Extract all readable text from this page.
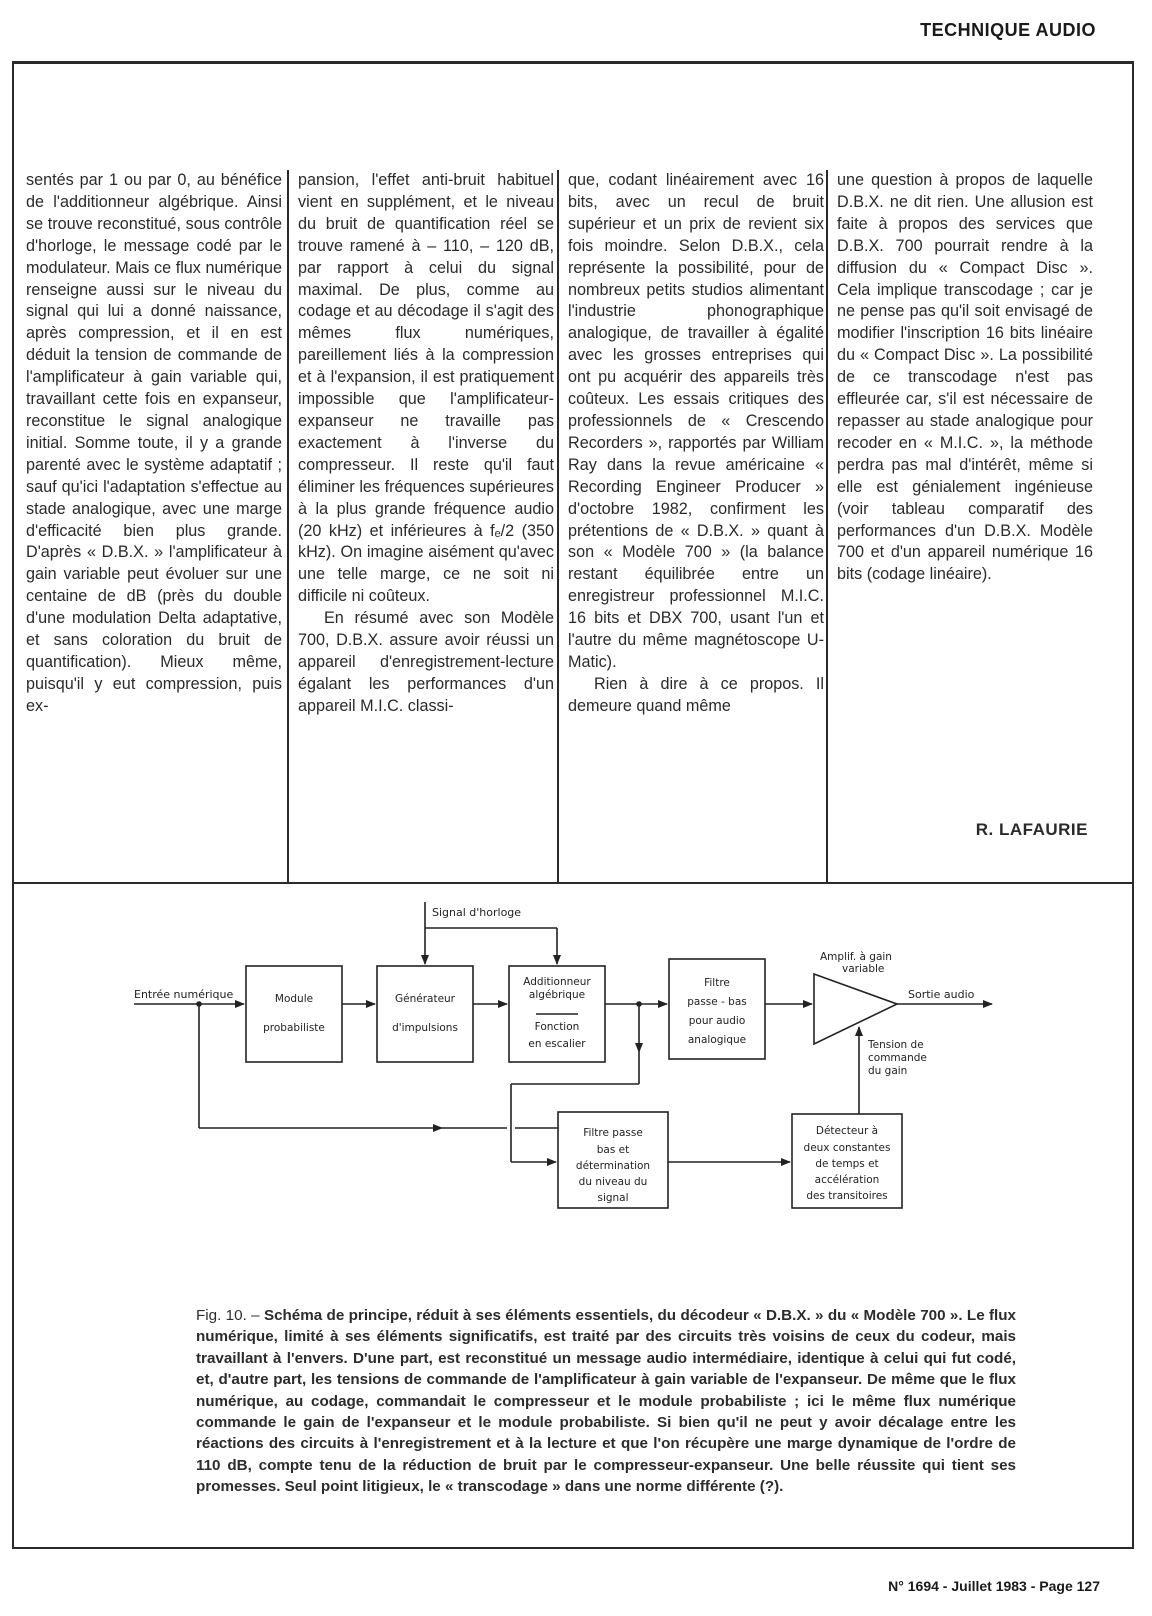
TECHNIQUE AUDIO

sentés par 1 ou par 0, au bénéfice de l'additionneur algébrique. Ainsi se trouve reconstitué, sous contrôle d'horloge, le message codé par le modulateur. Mais ce flux numérique renseigne aussi sur le niveau du signal qui lui a donné naissance, après compression, et il en est déduit la tension de commande de l'amplificateur à gain variable qui, travaillant cette fois en expanseur, reconstitue le signal analogique initial. Somme toute, il y a grande parenté avec le système adaptatif ; sauf qu'ici l'adaptation s'effectue au stade analogique, avec une marge d'efficacité bien plus grande. D'après « D.B.X. » l'amplificateur à gain variable peut évoluer sur une centaine de dB (près du double d'une modulation Delta adaptative, et sans coloration du bruit de quantification). Mieux même, puisqu'il y eut compression, puis ex-

pansion, l'effet anti-bruit habituel vient en supplément, et le niveau du bruit de quantification réel se trouve ramené à – 110, – 120 dB, par rapport à celui du signal maximal. De plus, comme au codage et au décodage il s'agit des mêmes flux numériques, pareillement liés à la compression et à l'expansion, il est pratiquement impossible que l'amplificateur-expanseur ne travaille pas exactement à l'inverse du compresseur. Il reste qu'il faut éliminer les fréquences supérieures à la plus grande fréquence audio (20 kHz) et inférieures à fₑ/2 (350 kHz). On imagine aisément qu'avec une telle marge, ce ne soit ni difficile ni coûteux.

En résumé avec son Modèle 700, D.B.X. assure avoir réussi un appareil d'enregistrement-lecture égalant les performances d'un appareil M.I.C. classi-

que, codant linéairement avec 16 bits, avec un recul de bruit supérieur et un prix de revient six fois moindre. Selon D.B.X., cela représente la possibilité, pour de nombreux petits studios alimentant l'industrie phonographique analogique, de travailler à égalité avec les grosses entreprises qui ont pu acquérir des appareils très coûteux. Les essais critiques des professionnels de « Crescendo Recorders », rapportés par William Ray dans la revue américaine « Recording Engineer Producer » d'octobre 1982, confirment les prétentions de « D.B.X. » quant à son « Modèle 700 » (la balance restant équilibrée entre un enregistreur professionnel M.I.C. 16 bits et DBX 700, usant l'un et l'autre du même magnétoscope U-Matic).

Rien à dire à ce propos. Il demeure quand même

une question à propos de laquelle D.B.X. ne dit rien. Une allusion est faite à propos des services que D.B.X. 700 pourrait rendre à la diffusion du « Compact Disc ». Cela implique transcodage ; car je ne pense pas qu'il soit envisagé de modifier l'inscription 16 bits linéaire du « Compact Disc ». La possibilité de ce transcodage n'est pas effleurée car, s'il est nécessaire de repasser au stade analogique pour recoder en « M.I.C. », la méthode perdra pas mal d'intérêt, même si elle est génialement ingénieuse (voir tableau comparatif des performances d'un D.B.X. Modèle 700 et d'un appareil numérique 16 bits (codage linéaire).

R. LAFAURIE
Entrée numérique
Signal d'horloge
Sortie audio
Amplif. à gain
variable
Tension de
commande
du gain
Module
probabiliste
Générateur
d'impulsions
Additionneur
algébrique
Fonction
en escalier
Filtre
passe - bas
pour audio
analogique
Filtre passe
bas et
détermination
du niveau du
signal
Détecteur à
deux constantes
de temps et
accélération
des transitoires
Fig. 10. – Schéma de principe, réduit à ses éléments essentiels, du décodeur « D.B.X. » du « Modèle 700 ». Le flux numérique, limité à ses éléments significatifs, est traité par des circuits très voisins de ceux du codeur, mais travaillant à l'envers. D'une part, est reconstitué un message audio intermédiaire, identique à celui qui fut codé, et, d'autre part, les tensions de commande de l'amplificateur à gain variable de l'expanseur. De même que le flux numérique, au codage, commandait le compresseur et le module probabiliste ; ici le même flux numérique commande le gain de l'expanseur et le module probabiliste. Si bien qu'il ne peut y avoir décalage entre les réactions des circuits à l'enregistrement et à la lecture et que l'on récupère une marge dynamique de l'ordre de 110 dB, compte tenu de la réduction de bruit par le compresseur-expanseur. Une belle réussite qui tient ses promesses. Seul point litigieux, le « transcodage » dans une norme différente (?).
N° 1694 - Juillet 1983 - Page 127
